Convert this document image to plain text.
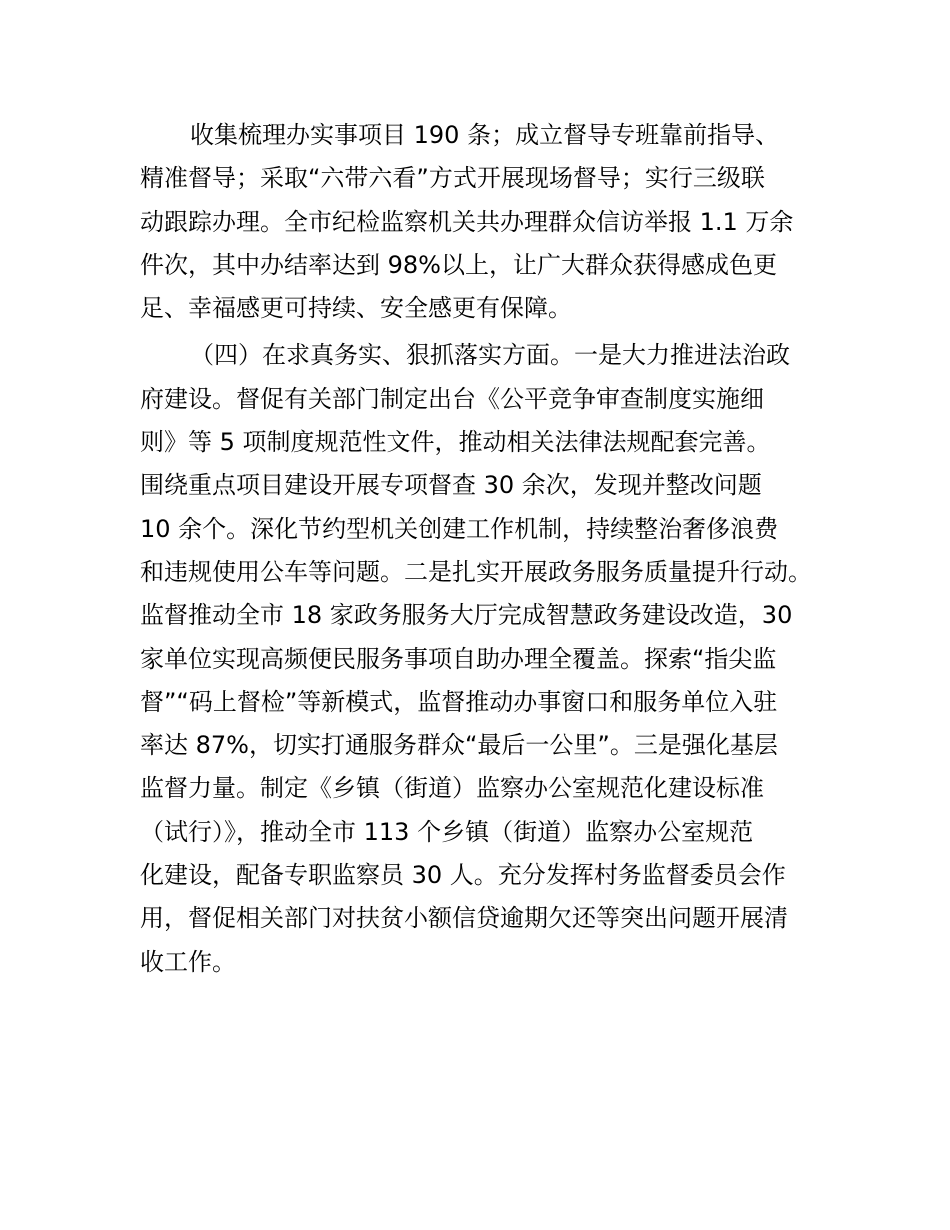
收集梳理办实事项目 190 条；成立督导专班靠前指导、
精准督导；采取“六带六看”方式开展现场督导；实行三级联
动跟踪办理。全市纪检监察机关共办理群众信访举报 1.1 万余
件次，其中办结率达到 98%以上，让广大群众获得感成色更
足、幸福感更可持续、安全感更有保障。
（四）在求真务实、狠抓落实方面。一是大力推进法治政
府建设。督促有关部门制定出台《公平竞争审查制度实施细
则》等 5 项制度规范性文件，推动相关法律法规配套完善。
围绕重点项目建设开展专项督查 30 余次，发现并整改问题
10 余个。深化节约型机关创建工作机制，持续整治奢侈浪费
和违规使用公车等问题。二是扎实开展政务服务质量提升行动。
监督推动全市 18 家政务服务大厅完成智慧政务建设改造，30
家单位实现高频便民服务事项自助办理全覆盖。探索“指尖监
督”“码上督检”等新模式，监督推动办事窗口和服务单位入驻
率达 87%，切实打通服务群众“最后一公里”。三是强化基层
监督力量。制定《乡镇（街道）监察办公室规范化建设标准
（试行）》，推动全市 113 个乡镇（街道）监察办公室规范
化建设，配备专职监察员 30 人。充分发挥村务监督委员会作
用，督促相关部门对扶贫小额信贷逾期欠还等突出问题开展清
收工作。
